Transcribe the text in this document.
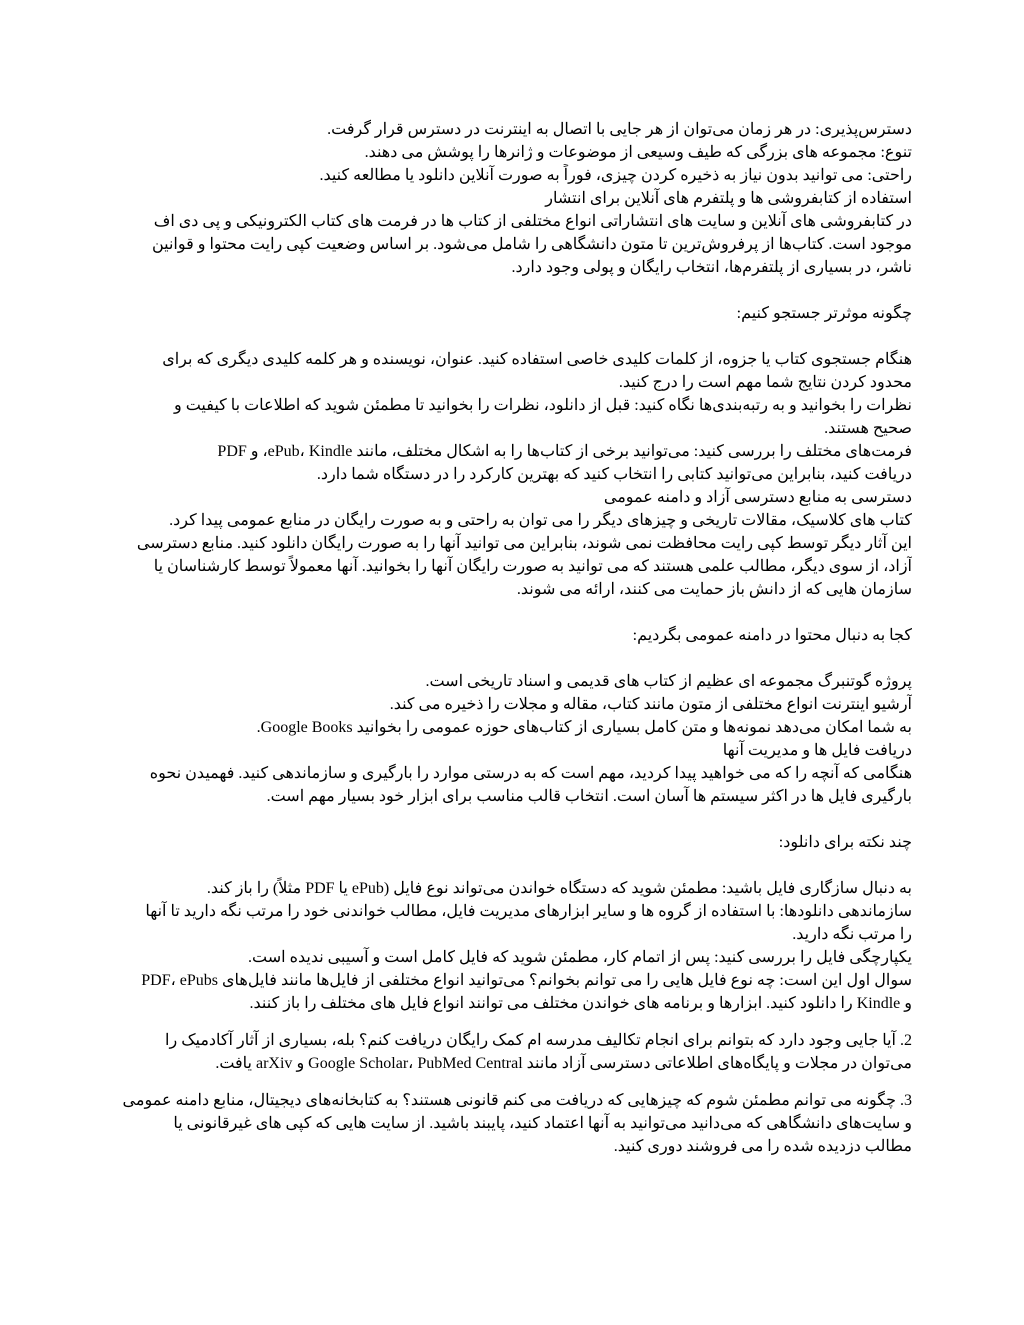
دسترس‌پذیری: در هر زمان می‌توان از هر جایی با اتصال به اینترنت در دسترس قرار گرفت.
تنوع: مجموعه های بزرگی که طیف وسیعی از موضوعات و ژانرها را پوشش می دهند.
راحتی: می توانید بدون نیاز به ذخیره کردن چیزی، فوراً به صورت آنلاین دانلود یا مطالعه کنید.
استفاده از کتابفروشی ها و پلتفرم های آنلاین برای انتشار
در کتابفروشی های آنلاین و سایت های انتشاراتی انواع مختلفی از کتاب ها در فرمت های کتاب الکترونیکی و پی دی اف
موجود است. کتاب‌ها از پرفروش‌ترین تا متون دانشگاهی را شامل می‌شود. بر اساس وضعیت کپی رایت محتوا و قوانین
ناشر، در بسیاری از پلتفرم‌ها، انتخاب رایگان و پولی وجود دارد.
چگونه موثرتر جستجو کنیم:
هنگام جستجوی کتاب یا جزوه، از کلمات کلیدی خاصی استفاده کنید. عنوان، نویسنده و هر کلمه کلیدی دیگری که برای
محدود کردن نتایج شما مهم است را درج کنید.
نظرات را بخوانید و به رتبه‌بندی‌ها نگاه کنید: قبل از دانلود، نظرات را بخوانید تا مطمئن شوید که اطلاعات با کیفیت و
صحیح هستند.
فرمت‌های مختلف را بررسی کنید: می‌توانید برخی از کتاب‌ها را به اشکال مختلف، مانند ePub، Kindle، و PDF
دریافت کنید، بنابراین می‌توانید کتابی را انتخاب کنید که بهترین کارکرد را در دستگاه شما دارد.
دسترسی به منابع دسترسی آزاد و دامنه عمومی
کتاب های کلاسیک، مقالات تاریخی و چیزهای دیگر را می توان به راحتی و به صورت رایگان در منابع عمومی پیدا کرد.
این آثار دیگر توسط کپی رایت محافظت نمی شوند، بنابراین می توانید آنها را به صورت رایگان دانلود کنید. منابع دسترسی
آزاد، از سوی دیگر، مطالب علمی هستند که می توانید به صورت رایگان آنها را بخوانید. آنها معمولاً توسط کارشناسان یا
سازمان هایی که از دانش باز حمایت می کنند، ارائه می شوند.
کجا به دنبال محتوا در دامنه عمومی بگردیم:
پروژه گوتنبرگ مجموعه ای عظیم از کتاب های قدیمی و اسناد تاریخی است.
آرشیو اینترنت انواع مختلفی از متون مانند کتاب، مقاله و مجلات را ذخیره می کند.
به شما امکان می‌دهد نمونه‌ها و متن کامل بسیاری از کتاب‌های حوزه عمومی را بخوانید Google Books.
دریافت فایل ها و مدیریت آنها
هنگامی که آنچه را که می خواهید پیدا کردید، مهم است که به درستی موارد را بارگیری و سازماندهی کنید. فهمیدن نحوه
بارگیری فایل ها در اکثر سیستم ها آسان است. انتخاب قالب مناسب برای ابزار خود بسیار مهم است.
چند نکته برای دانلود:
به دنبال سازگاری فایل باشید: مطمئن شوید که دستگاه خواندن می‌تواند نوع فایل (ePub یا PDF مثلاً) را باز کند.
سازماندهی دانلودها: با استفاده از گروه ها و سایر ابزارهای مدیریت فایل، مطالب خواندنی خود را مرتب نگه دارید تا آنها
را مرتب نگه دارید.
یکپارچگی فایل را بررسی کنید: پس از اتمام کار، مطمئن شوید که فایل کامل است و آسیبی ندیده است.
سوال اول این است: چه نوع فایل هایی را می توانم بخوانم؟ می‌توانید انواع مختلفی از فایل‌ها مانند فایل‌های PDF، ePubs
و Kindle را دانلود کنید. ابزارها و برنامه های خواندن مختلف می توانند انواع فایل های مختلف را باز کنند.
2. آیا جایی وجود دارد که بتوانم برای انجام تکالیف مدرسه ام کمک رایگان دریافت کنم؟ بله، بسیاری از آثار آکادمیک را
می‌توان در مجلات و پایگاه‌های اطلاعاتی دسترسی آزاد مانند Google Scholar، PubMed Central و arXiv یافت.
3. چگونه می توانم مطمئن شوم که چیزهایی که دریافت می کنم قانونی هستند؟ به کتابخانه‌های دیجیتال، منابع دامنه عمومی
و سایت‌های دانشگاهی که می‌دانید می‌توانید به آنها اعتماد کنید، پایبند باشید. از سایت هایی که کپی های غیرقانونی یا
مطالب دزدیده شده را می فروشند دوری کنید.
